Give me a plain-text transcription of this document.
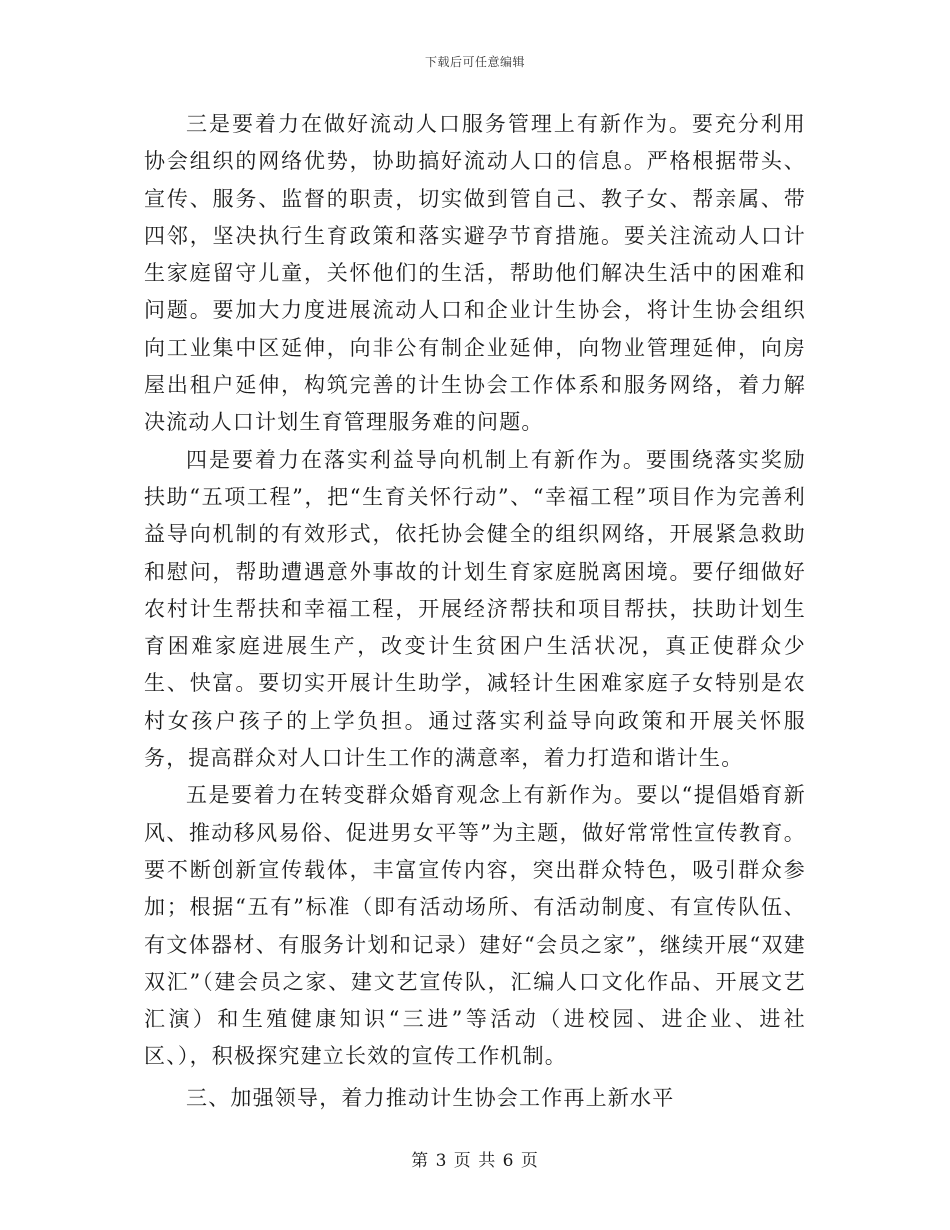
下载后可任意编辑

三是要着力在做好流动人口服务管理上有新作为。要充分利用协会组织的网络优势，协助搞好流动人口的信息。严格根据带头、宣传、服务、监督的职责，切实做到管自己、教子女、帮亲属、带四邻，坚决执行生育政策和落实避孕节育措施。要关注流动人口计生家庭留守儿童，关怀他们的生活，帮助他们解决生活中的困难和问题。要加大力度进展流动人口和企业计生协会，将计生协会组织向工业集中区延伸，向非公有制企业延伸，向物业管理延伸，向房屋出租户延伸，构筑完善的计生协会工作体系和服务网络，着力解决流动人口计划生育管理服务难的问题。

四是要着力在落实利益导向机制上有新作为。要围绕落实奖励扶助“五项工程”，把“生育关怀行动”、“幸福工程”项目作为完善利益导向机制的有效形式，依托协会健全的组织网络，开展紧急救助和慰问，帮助遭遇意外事故的计划生育家庭脱离困境。要仔细做好农村计生帮扶和幸福工程，开展经济帮扶和项目帮扶，扶助计划生育困难家庭进展生产，改变计生贫困户生活状况，真正使群众少生、快富。要切实开展计生助学，减轻计生困难家庭子女特别是农村女孩户孩子的上学负担。通过落实利益导向政策和开展关怀服务，提高群众对人口计生工作的满意率，着力打造和谐计生。

五是要着力在转变群众婚育观念上有新作为。要以“提倡婚育新风、推动移风易俗、促进男女平等”为主题，做好常常性宣传教育。要不断创新宣传载体，丰富宣传内容，突出群众特色，吸引群众参加；根据“五有”标准（即有活动场所、有活动制度、有宣传队伍、有文体器材、有服务计划和记录）建好“会员之家”，继续开展“双建双汇”（建会员之家、建文艺宣传队，汇编人口文化作品、开展文艺汇演）和生殖健康知识“三进”等活动（进校园、进企业、进社区、），积极探究建立长效的宣传工作机制。

三、加强领导，着力推动计生协会工作再上新水平

第 3 页 共 6 页
